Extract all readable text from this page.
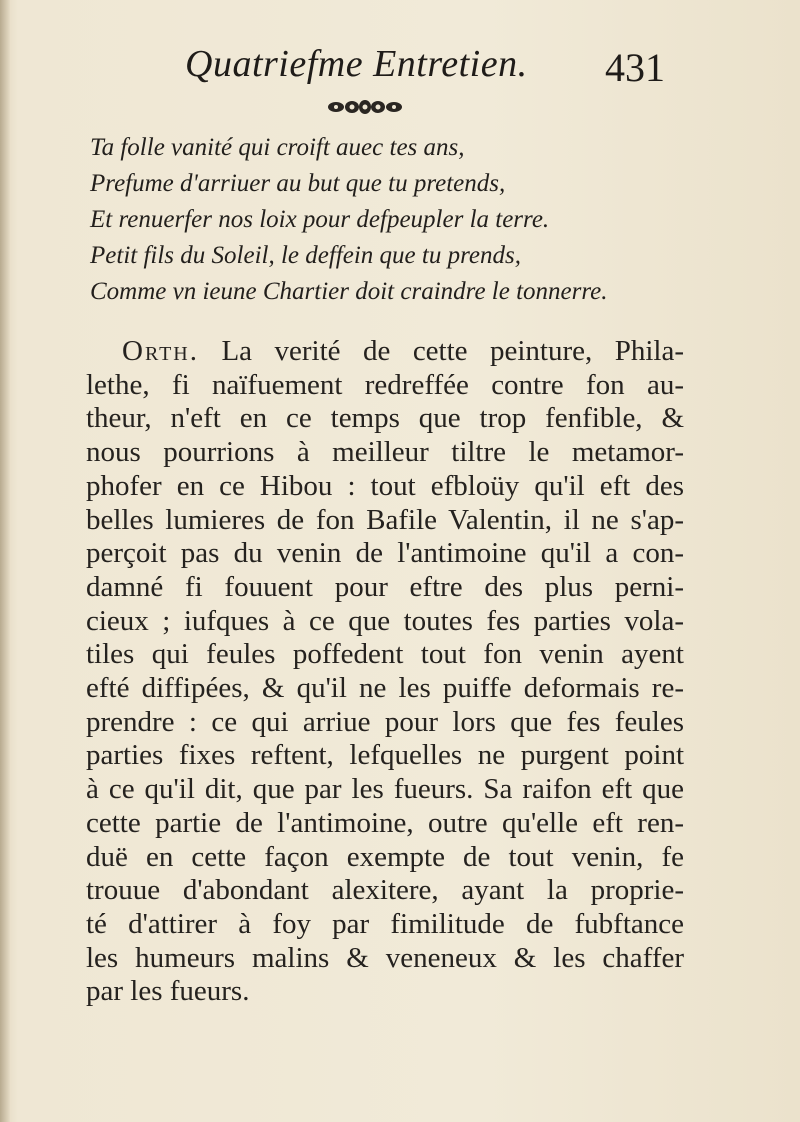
Quatriefme Entretien. 431
Ta folle vanité qui croift auec tes ans,
Prefume d'arriuer au but que tu pretends,
Et renuerfer nos loix pour defpeupler la terre.
Petit fils du Soleil, le deffein que tu prends,
Comme vn ieune Chartier doit craindre le tonnerre.
Orth. La verité de cette peinture, Phila-
lethe, fi naïfuement redreffée contre fon au-
theur, n'eft en ce temps que trop fenfible, &
nous pourrions à meilleur tiltre le metamor-
phofer en ce Hibou : tout efbloüy qu'il eft des
belles lumieres de fon Bafile Valentin, il ne s'ap-
perçoit pas du venin de l'antimoine qu'il a con-
damné fi fouuent pour eftre des plus perni-
cieux ; iufques à ce que toutes fes parties vola-
tiles qui feules poffedent tout fon venin ayent
efté diffipées, & qu'il ne les puiffe deformais re-
prendre : ce qui arriue pour lors que fes feules
parties fixes reftent, lefquelles ne purgent point
à ce qu'il dit, que par les fueurs. Sa raifon eft que
cette partie de l'antimoine, outre qu'elle eft ren-
duë en cette façon exempte de tout venin, fe
trouue d'abondant alexitere, ayant la proprie-
té d'attirer à foy par fimilitude de fubftance
les humeurs malins & veneneux & les chaffer
par les fueurs.
